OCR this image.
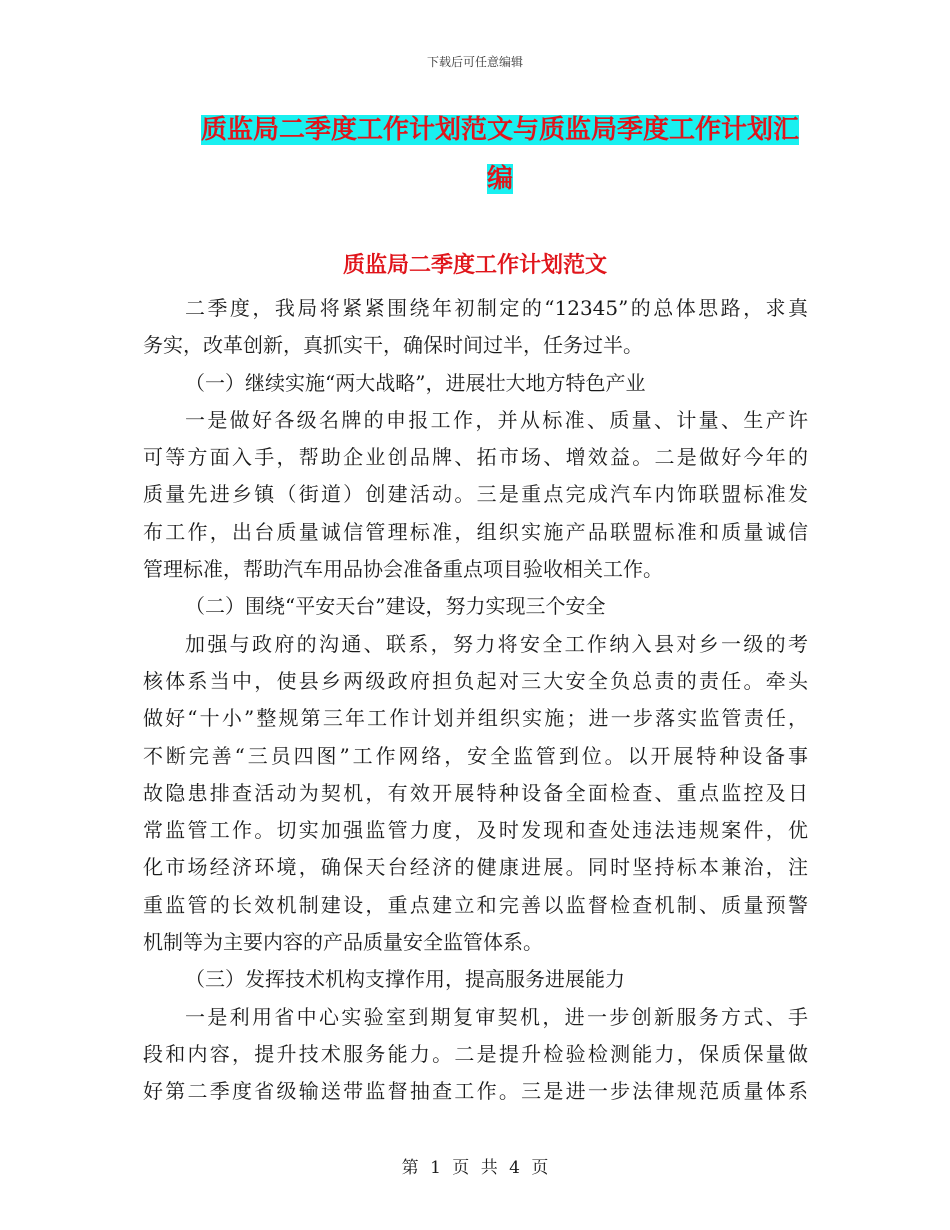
下载后可任意编辑
质监局二季度工作计划范文与质监局季度工作计划汇
编
质监局二季度工作计划范文
二季度，我局将紧紧围绕年初制定的“12345”的总体思路，求真
务实，改革创新，真抓实干，确保时间过半，任务过半。
（一）继续实施“两大战略”，进展壮大地方特色产业
一是做好各级名牌的申报工作，并从标准、质量、计量、生产许
可等方面入手，帮助企业创品牌、拓市场、增效益。二是做好今年的
质量先进乡镇（街道）创建活动。三是重点完成汽车内饰联盟标准发
布工作，出台质量诚信管理标准，组织实施产品联盟标准和质量诚信
管理标准，帮助汽车用品协会准备重点项目验收相关工作。
（二）围绕“平安天台”建设，努力实现三个安全
加强与政府的沟通、联系，努力将安全工作纳入县对乡一级的考
核体系当中，使县乡两级政府担负起对三大安全负总责的责任。牵头
做好“十小”整规第三年工作计划并组织实施；进一步落实监管责任，
不断完善“三员四图”工作网络，安全监管到位。以开展特种设备事
故隐患排查活动为契机，有效开展特种设备全面检查、重点监控及日
常监管工作。切实加强监管力度，及时发现和查处违法违规案件，优
化市场经济环境，确保天台经济的健康进展。同时坚持标本兼治，注
重监管的长效机制建设，重点建立和完善以监督检查机制、质量预警
机制等为主要内容的产品质量安全监管体系。
（三）发挥技术机构支撑作用，提高服务进展能力
一是利用省中心实验室到期复审契机，进一步创新服务方式、手
段和内容，提升技术服务能力。二是提升检验检测能力，保质保量做
好第二季度省级输送带监督抽查工作。三是进一步法律规范质量体系
第 1 页 共 4 页
